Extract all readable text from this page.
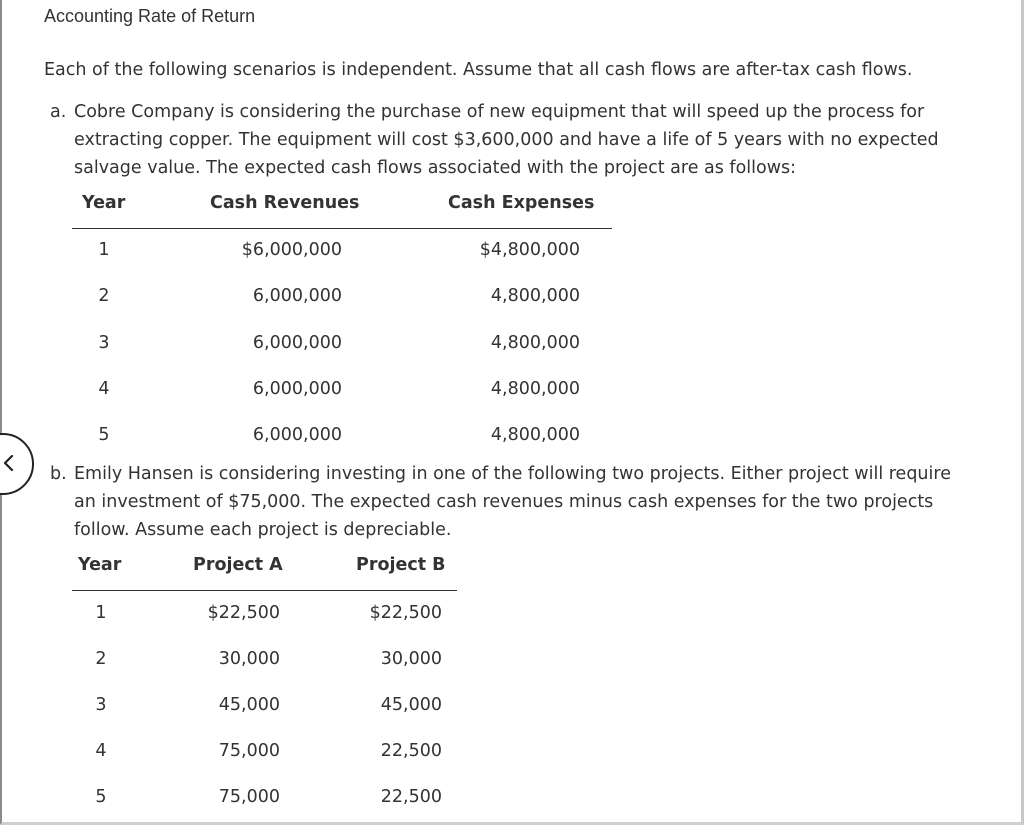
Accounting Rate of Return
Each of the following scenarios is independent. Assume that all cash flows are after-tax cash flows.
a. Cobre Company is considering the purchase of new equipment that will speed up the process for
extracting copper. The equipment will cost $3,600,000 and have a life of 5 years with no expected
salvage value. The expected cash flows associated with the project are as follows:
Year	Cash Revenues	Cash Expenses
1	$6,000,000	$4,800,000
2	6,000,000	4,800,000
3	6,000,000	4,800,000
4	6,000,000	4,800,000
5	6,000,000	4,800,000
b. Emily Hansen is considering investing in one of the following two projects. Either project will require
an investment of $75,000. The expected cash revenues minus cash expenses for the two projects
follow. Assume each project is depreciable.
Year	Project A	Project B
1	$22,500	$22,500
2	30,000	30,000
3	45,000	45,000
4	75,000	22,500
5	75,000	22,500
